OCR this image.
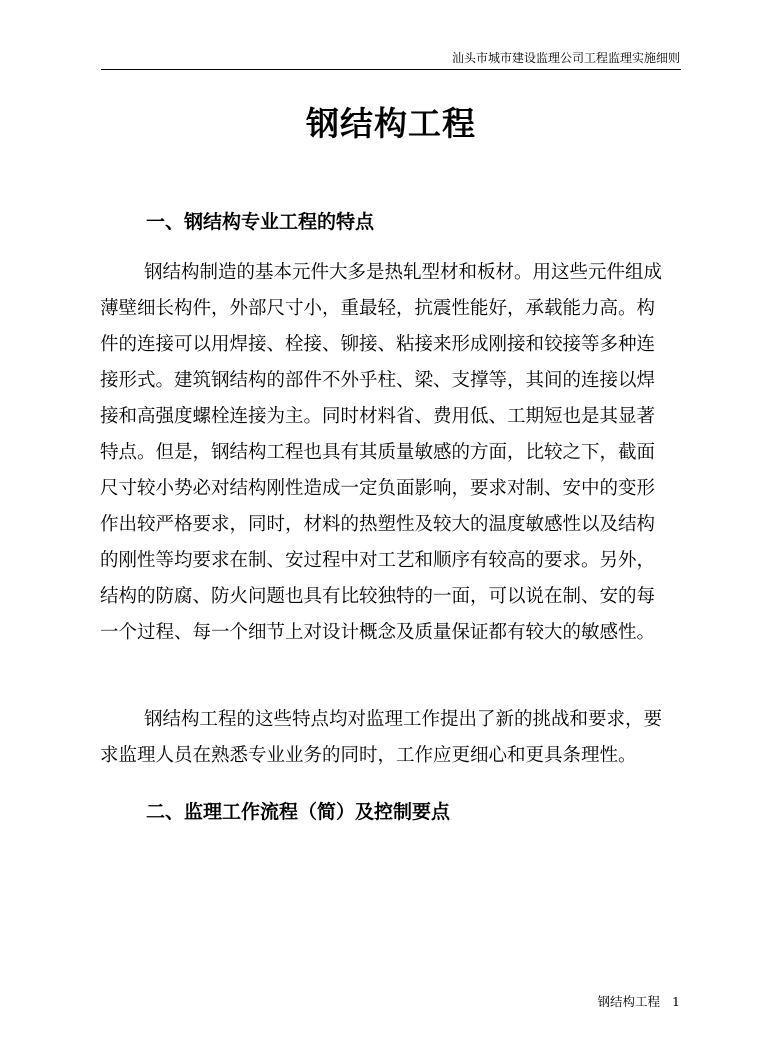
汕头市城市建设监理公司工程监理实施细则
钢结构工程
一、钢结构专业工程的特点
钢结构制造的基本元件大多是热轧型材和板材。用这些元件组成
薄壁细长构件，外部尺寸小，重最轻，抗震性能好，承载能力高。构
件的连接可以用焊接、栓接、铆接、粘接来形成刚接和铰接等多种连
接形式。建筑钢结构的部件不外乎柱、梁、支撑等，其间的连接以焊
接和高强度螺栓连接为主。同时材料省、费用低、工期短也是其显著
特点。但是，钢结构工程也具有其质量敏感的方面，比较之下，截面
尺寸较小势必对结构刚性造成一定负面影响，要求对制、安中的变形
作出较严格要求，同时，材料的热塑性及较大的温度敏感性以及结构
的刚性等均要求在制、安过程中对工艺和顺序有较高的要求。另外，
结构的防腐、防火问题也具有比较独特的一面，可以说在制、安的每
一个过程、每一个细节上对设计概念及质量保证都有较大的敏感性。
钢结构工程的这些特点均对监理工作提出了新的挑战和要求，要
求监理人员在熟悉专业业务的同时，工作应更细心和更具条理性。
二、监理工作流程（简）及控制要点
钢结构工程 1
